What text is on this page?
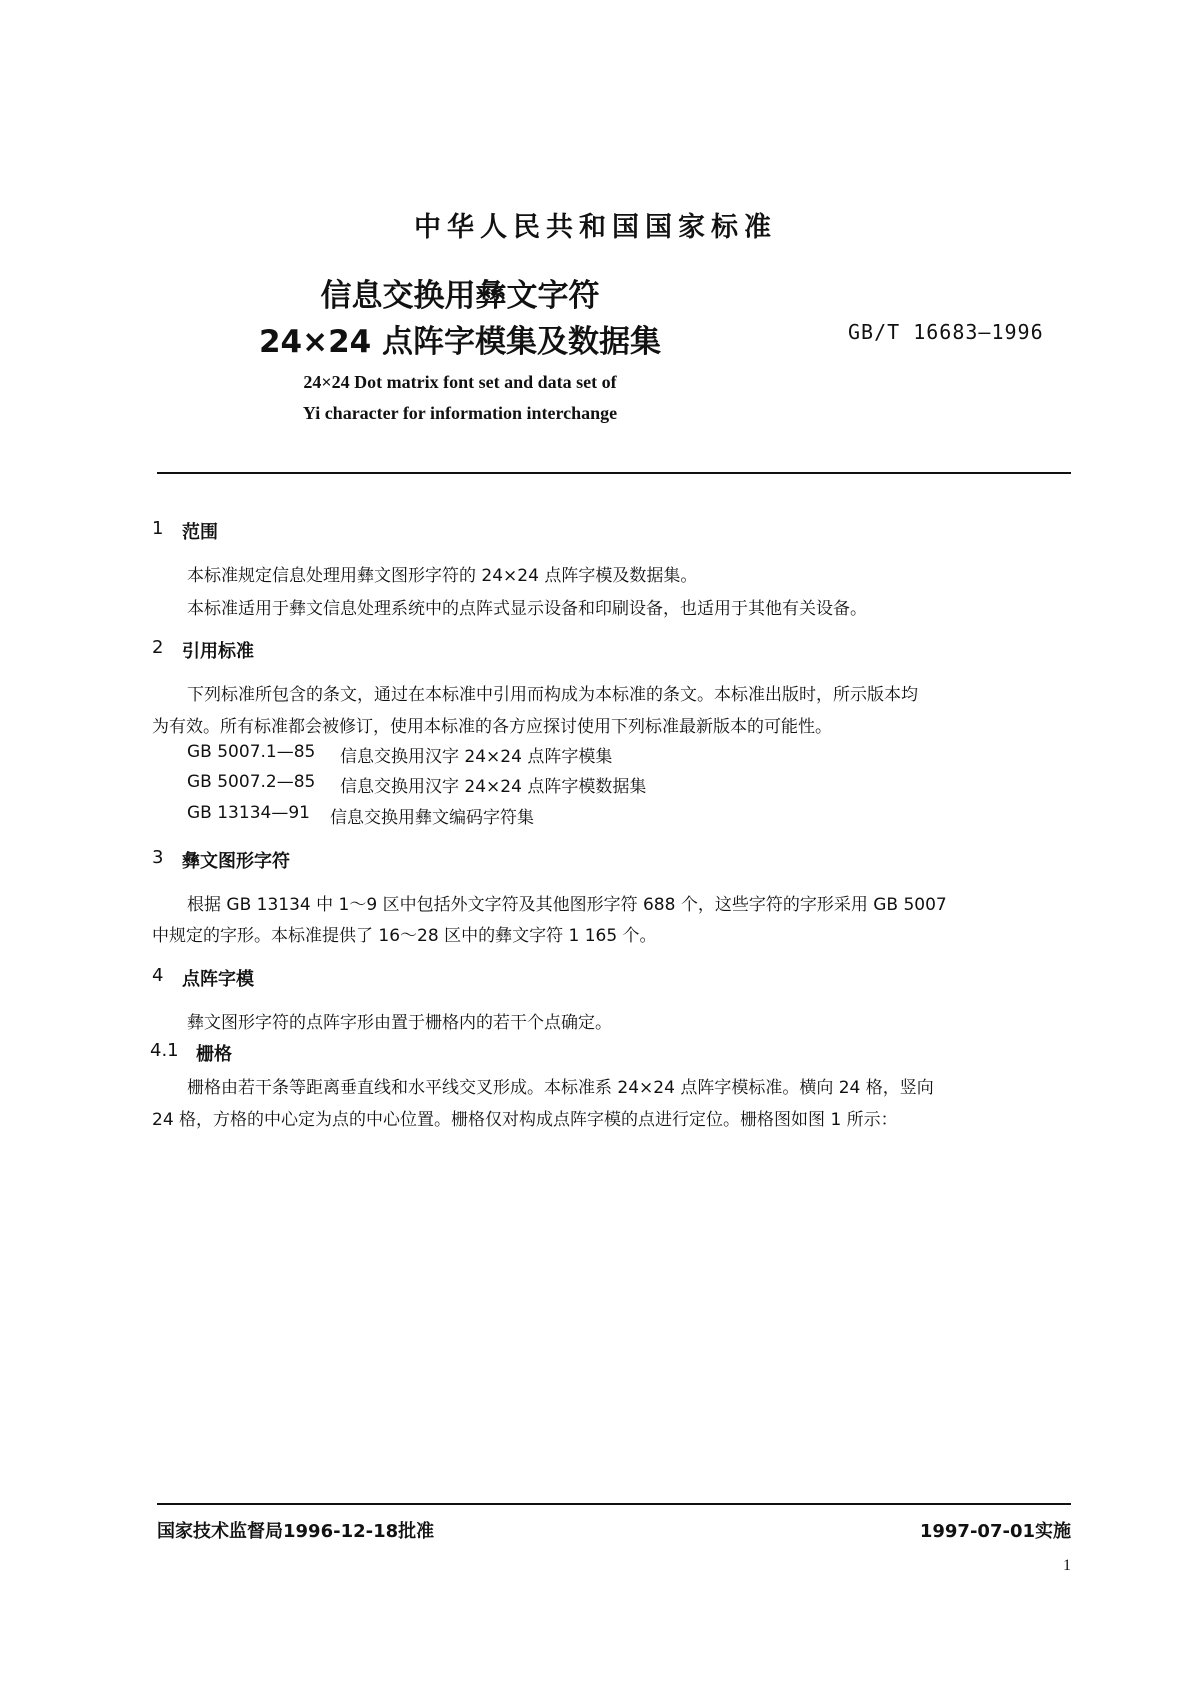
中华人民共和国国家标准
信息交换用彝文字符
24×24 点阵字模集及数据集	GB/T 16683—1996
24×24 Dot matrix font set and data set of
Yi character for information interchange
1 范围
本标准规定信息处理用彝文图形字符的 24×24 点阵字模及数据集。
本标准适用于彝文信息处理系统中的点阵式显示设备和印刷设备，也适用于其他有关设备。
2 引用标准
下列标准所包含的条文，通过在本标准中引用而构成为本标准的条文。本标准出版时，所示版本均
为有效。所有标准都会被修订，使用本标准的各方应探讨使用下列标准最新版本的可能性。
GB 5007.1—85 信息交换用汉字 24×24 点阵字模集
GB 5007.2—85 信息交换用汉字 24×24 点阵字模数据集
GB 13134—91 信息交换用彝文编码字符集
3 彝文图形字符
根据 GB 13134 中 1～9 区中包括外文字符及其他图形字符 688 个，这些字符的字形采用 GB 5007
中规定的字形。本标准提供了 16～28 区中的彝文字符 1 165 个。
4 点阵字模
彝文图形字符的点阵字形由置于栅格内的若干个点确定。
4.1 栅格
栅格由若干条等距离垂直线和水平线交叉形成。本标准系 24×24 点阵字模标准。横向 24 格，竖向
24 格，方格的中心定为点的中心位置。栅格仅对构成点阵字模的点进行定位。栅格图如图 1 所示：
国家技术监督局1996-12-18批准	1997-07-01实施
1
